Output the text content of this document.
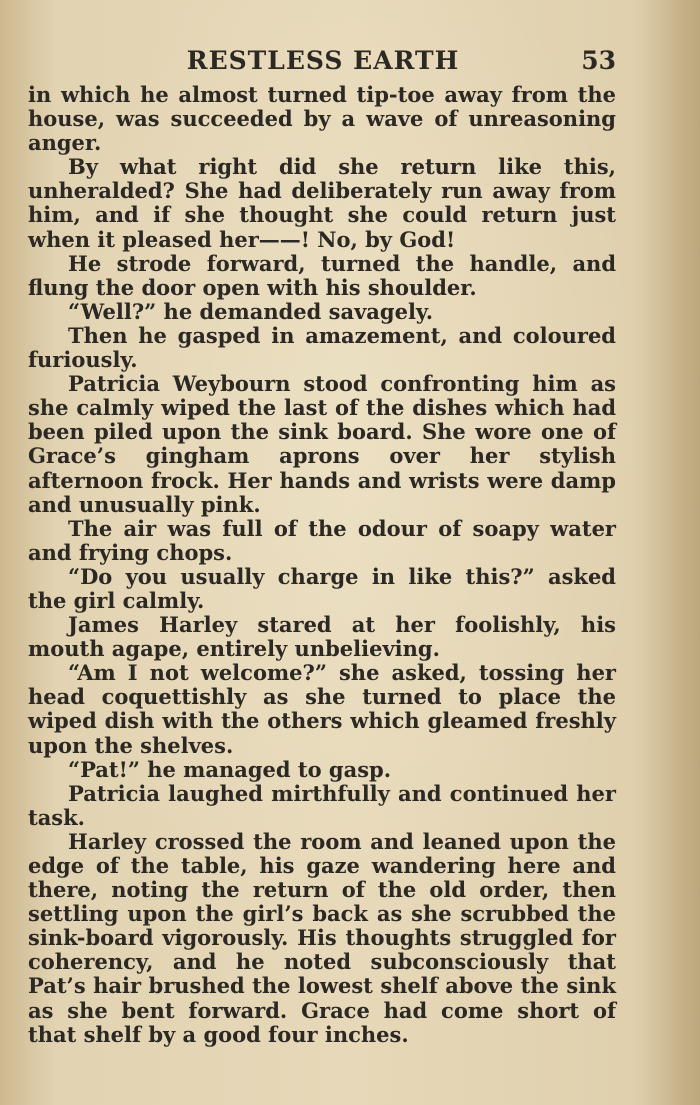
RESTLESS EARTH	53

in which he almost turned tip-toe away from the house, was succeeded by a wave of unreasoning anger.

By what right did she return like this, unheralded? She had deliberately run away from him, and if she thought she could return just when it pleased her——! No, by God!

He strode forward, turned the handle, and flung the door open with his shoulder.

“Well?” he demanded savagely.

Then he gasped in amazement, and coloured furiously.

Patricia Weybourn stood confronting him as she calmly wiped the last of the dishes which had been piled upon the sink board. She wore one of Grace’s gingham aprons over her stylish afternoon frock. Her hands and wrists were damp and unusually pink.

The air was full of the odour of soapy water and frying chops.

“Do you usually charge in like this?” asked the girl calmly.

James Harley stared at her foolishly, his mouth agape, entirely unbelieving.

“Am I not welcome?” she asked, tossing her head coquettishly as she turned to place the wiped dish with the others which gleamed freshly upon the shelves.

“Pat!” he managed to gasp.

Patricia laughed mirthfully and continued her task.

Harley crossed the room and leaned upon the edge of the table, his gaze wandering here and there, noting the return of the old order, then settling upon the girl’s back as she scrubbed the sink-board vigorously. His thoughts struggled for coherency, and he noted subconsciously that Pat’s hair brushed the lowest shelf above the sink as she bent forward. Grace had come short of that shelf by a good four inches.
